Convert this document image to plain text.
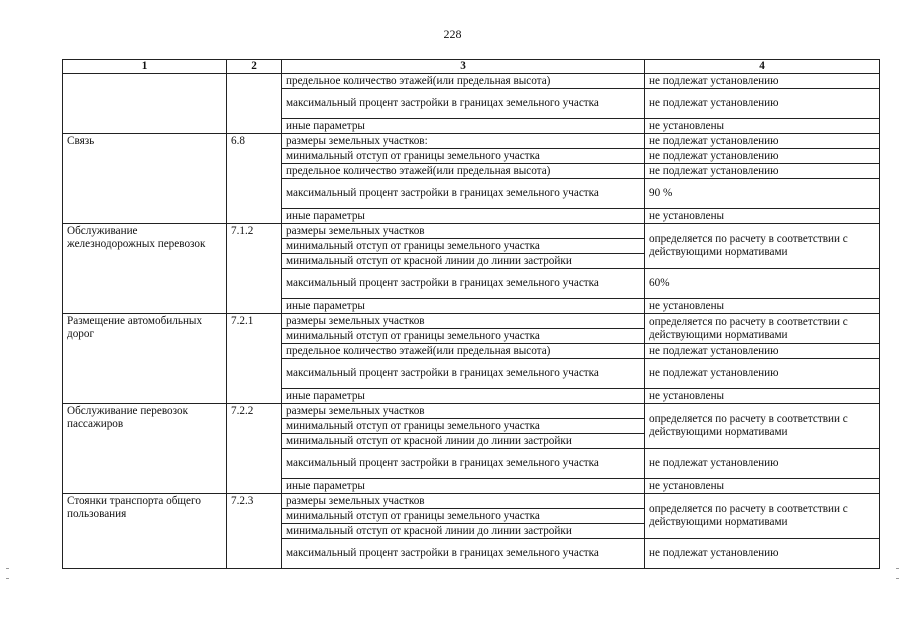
228
1	2	3	4
		предельное количество этажей(или предельная высота)	не подлежат установлению
		максимальный процент застройки в границах земельного участка	не подлежат установлению
		иные параметры	не установлены
Связь	6.8	размеры земельных участков:	не подлежат установлению
		минимальный отступ от границы земельного участка	не подлежат установлению
		предельное количество этажей(или предельная высота)	не подлежат установлению
		максимальный процент застройки в границах земельного участка	90 %
		иные параметры	не установлены
Обслуживание железнодорожных перевозок	7.1.2	размеры земельных участков	определяется по расчету в соответствии с действующими нормативами
		минимальный отступ от границы земельного участка	
		минимальный отступ от красной линии до линии застройки	
		максимальный процент застройки в границах земельного участка	60%
		иные параметры	не установлены
Размещение автомобильных дорог	7.2.1	размеры земельных участков	определяется по расчету в соответствии с действующими нормативами
		минимальный отступ от границы земельного участка	
		предельное количество этажей(или предельная высота)	не подлежат установлению
		максимальный процент застройки в границах земельного участка	не подлежат установлению
		иные параметры	не установлены
Обслуживание перевозок пассажиров	7.2.2	размеры земельных участков	определяется по расчету в соответствии с действующими нормативами
		минимальный отступ от границы земельного участка	
		минимальный отступ от красной линии до линии застройки	
		максимальный процент застройки в границах земельного участка	не подлежат установлению
		иные параметры	не установлены
Стоянки транспорта общего пользования	7.2.3	размеры земельных участков	определяется по расчету в соответствии с действующими нормативами
		минимальный отступ от границы земельного участка	
		минимальный отступ от красной линии до линии застройки	
		максимальный процент застройки в границах земельного участка	не подлежат установлению
